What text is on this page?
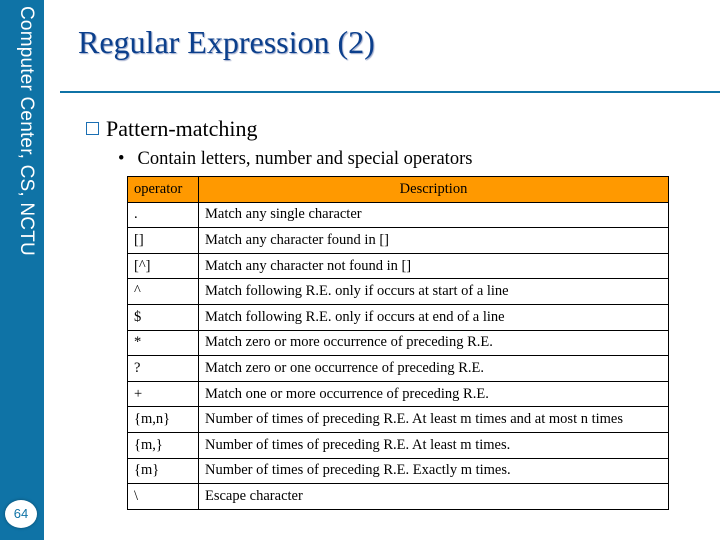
Computer Center, CS, NCTU
64
Regular Expression (2)
Pattern-matching
• Contain letters, number and special operators
operator	Description
.	Match any single character
[]	Match any character found in []
[^]	Match any character not found in []
^	Match following R.E. only if occurs at start of a line
$	Match following R.E. only if occurs at end of a line
*	Match zero or more occurrence of preceding R.E.
?	Match zero or one occurrence of preceding R.E.
+	Match one or more occurrence of preceding R.E.
{m,n}	Number of times of preceding R.E. At least m times and at most n times
{m,}	Number of times of preceding R.E. At least m times.
{m}	Number of times of preceding R.E. Exactly m times.
\	Escape character
